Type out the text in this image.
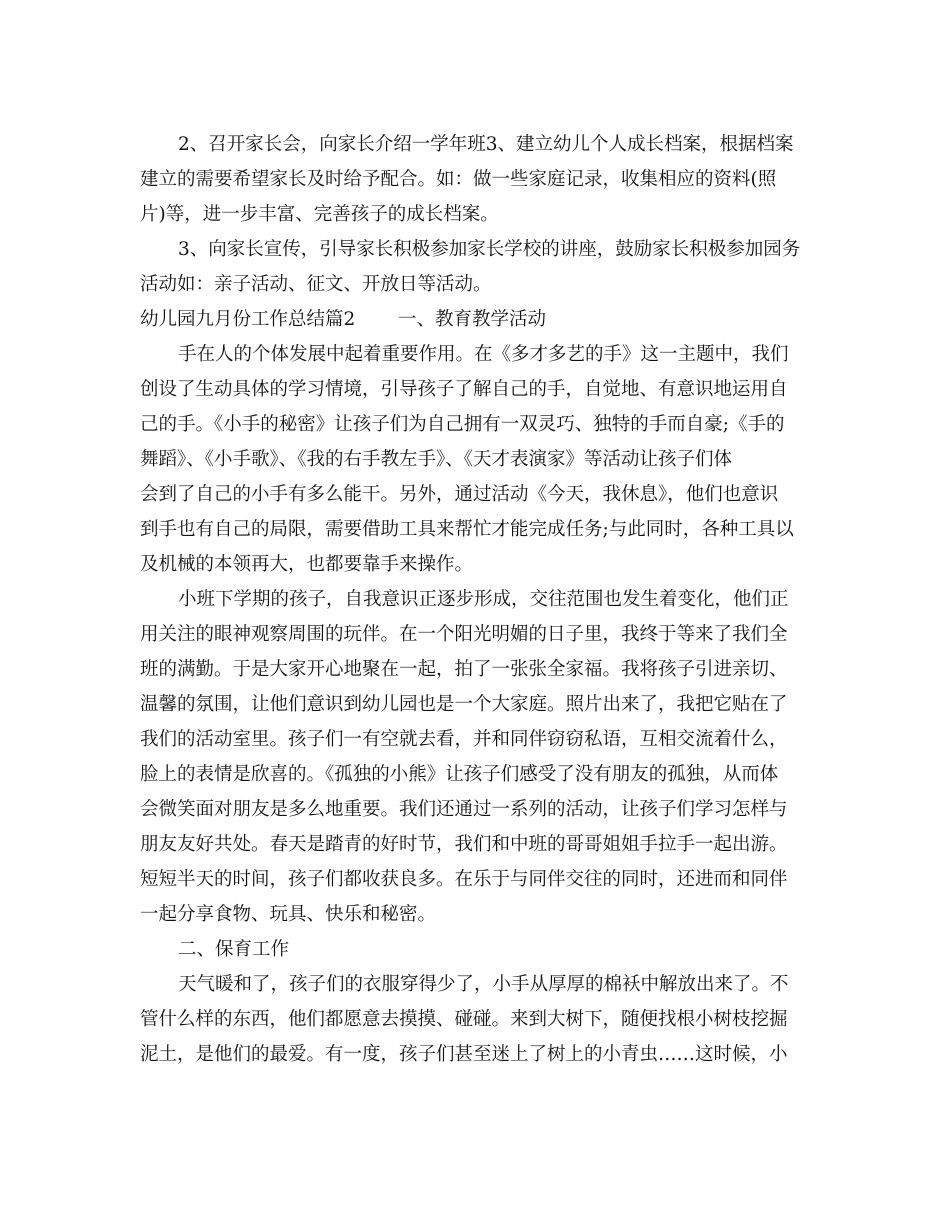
2、召开家长会，向家长介绍一学年班3、建立幼儿个人成长档案，根据档案
建立的需要希望家长及时给予配合。如：做一些家庭记录，收集相应的资料(照
片)等，进一步丰富、完善孩子的成长档案。
3、向家长宣传，引导家长积极参加家长学校的讲座，鼓励家长积极参加园务
活动如：亲子活动、征文、开放日等活动。
幼儿园九月份工作总结篇2 一、教育教学活动
手在人的个体发展中起着重要作用。在《多才多艺的手》这一主题中，我们
创设了生动具体的学习情境，引导孩子了解自己的手，自觉地、有意识地运用自
己的手。《小手的秘密》让孩子们为自己拥有一双灵巧、独特的手而自豪;《手的
舞蹈》、《小手歌》、《我的右手教左手》、《天才表演家》等活动让孩子们体
会到了自己的小手有多么能干。另外，通过活动《今天，我休息》，他们也意识
到手也有自己的局限，需要借助工具来帮忙才能完成任务;与此同时，各种工具以
及机械的本领再大，也都要靠手来操作。
小班下学期的孩子，自我意识正逐步形成，交往范围也发生着变化，他们正
用关注的眼神观察周围的玩伴。在一个阳光明媚的日子里，我终于等来了我们全
班的满勤。于是大家开心地聚在一起，拍了一张张全家福。我将孩子引进亲切、
温馨的氛围，让他们意识到幼儿园也是一个大家庭。照片出来了，我把它贴在了
我们的活动室里。孩子们一有空就去看，并和同伴窃窃私语，互相交流着什么，
脸上的表情是欣喜的。《孤独的小熊》让孩子们感受了没有朋友的孤独，从而体
会微笑面对朋友是多么地重要。我们还通过一系列的活动，让孩子们学习怎样与
朋友友好共处。春天是踏青的好时节，我们和中班的哥哥姐姐手拉手一起出游。
短短半天的时间，孩子们都收获良多。在乐于与同伴交往的同时，还进而和同伴
一起分享食物、玩具、快乐和秘密。
二、保育工作
天气暖和了，孩子们的衣服穿得少了，小手从厚厚的棉袄中解放出来了。不
管什么样的东西，他们都愿意去摸摸、碰碰。来到大树下，随便找根小树枝挖掘
泥土，是他们的最爱。有一度，孩子们甚至迷上了树上的小青虫……这时候，小
